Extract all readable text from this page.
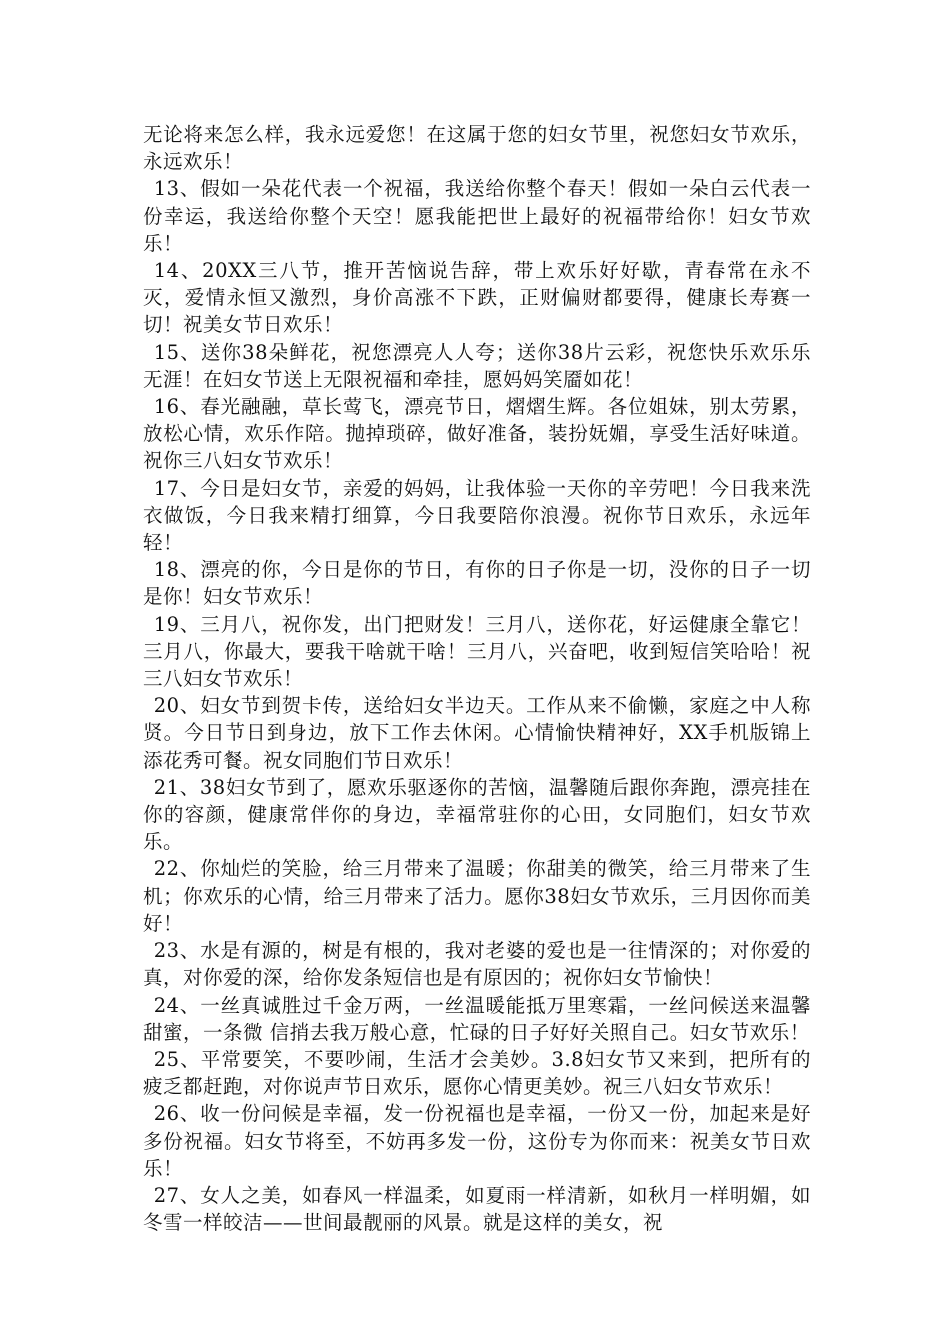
无论将来怎么样，我永远爱您！在这属于您的妇女节里，祝您妇女节欢乐，永远欢乐！

13、假如一朵花代表一个祝福，我送给你整个春天！假如一朵白云代表一份幸运，我送给你整个天空！愿我能把世上最好的祝福带给你！妇女节欢乐！

14、20XX三八节，推开苦恼说告辞，带上欢乐好好歇，青春常在永不灭，爱情永恒又激烈，身价高涨不下跌，正财偏财都要得，健康长寿赛一切！祝美女节日欢乐！

15、送你38朵鲜花，祝您漂亮人人夸；送你38片云彩，祝您快乐欢乐乐无涯！在妇女节送上无限祝福和牵挂，愿妈妈笑靥如花！

16、春光融融，草长莺飞，漂亮节日，熠熠生辉。各位姐妹，别太劳累，放松心情，欢乐作陪。抛掉琐碎，做好准备，装扮妩媚，享受生活好味道。祝你三八妇女节欢乐！

17、今日是妇女节，亲爱的妈妈，让我体验一天你的辛劳吧！今日我来洗衣做饭，今日我来精打细算，今日我要陪你浪漫。祝你节日欢乐，永远年轻！

18、漂亮的你，今日是你的节日，有你的日子你是一切，没你的日子一切是你！妇女节欢乐！

19、三月八，祝你发，出门把财发！三月八，送你花，好运健康全靠它！三月八，你最大，要我干啥就干啥！三月八，兴奋吧，收到短信笑哈哈！祝三八妇女节欢乐！

20、妇女节到贺卡传，送给妇女半边天。工作从来不偷懒，家庭之中人称贤。今日节日到身边，放下工作去休闲。心情愉快精神好，XX手机版锦上添花秀可餐。祝女同胞们节日欢乐！

21、38妇女节到了，愿欢乐驱逐你的苦恼，温馨随后跟你奔跑，漂亮挂在你的容颜，健康常伴你的身边，幸福常驻你的心田，女同胞们，妇女节欢乐。

22、你灿烂的笑脸，给三月带来了温暖；你甜美的微笑，给三月带来了生机；你欢乐的心情，给三月带来了活力。愿你38妇女节欢乐，三月因你而美好！

23、水是有源的，树是有根的，我对老婆的爱也是一往情深的；对你爱的真，对你爱的深，给你发条短信也是有原因的；祝你妇女节愉快！

24、一丝真诚胜过千金万两，一丝温暖能抵万里寒霜，一丝问候送来温馨甜蜜，一条微 信捎去我万般心意，忙碌的日子好好关照自己。妇女节欢乐！

25、平常要笑，不要吵闹，生活才会美妙。3.8妇女节又来到，把所有的疲乏都赶跑，对你说声节日欢乐，愿你心情更美妙。祝三八妇女节欢乐！

26、收一份问候是幸福，发一份祝福也是幸福，一份又一份，加起来是好多份祝福。妇女节将至，不妨再多发一份，这份专为你而来：祝美女节日欢乐！

27、女人之美，如春风一样温柔，如夏雨一样清新，如秋月一样明媚，如冬雪一样皎洁——世间最靓丽的风景。就是这样的美女，祝
